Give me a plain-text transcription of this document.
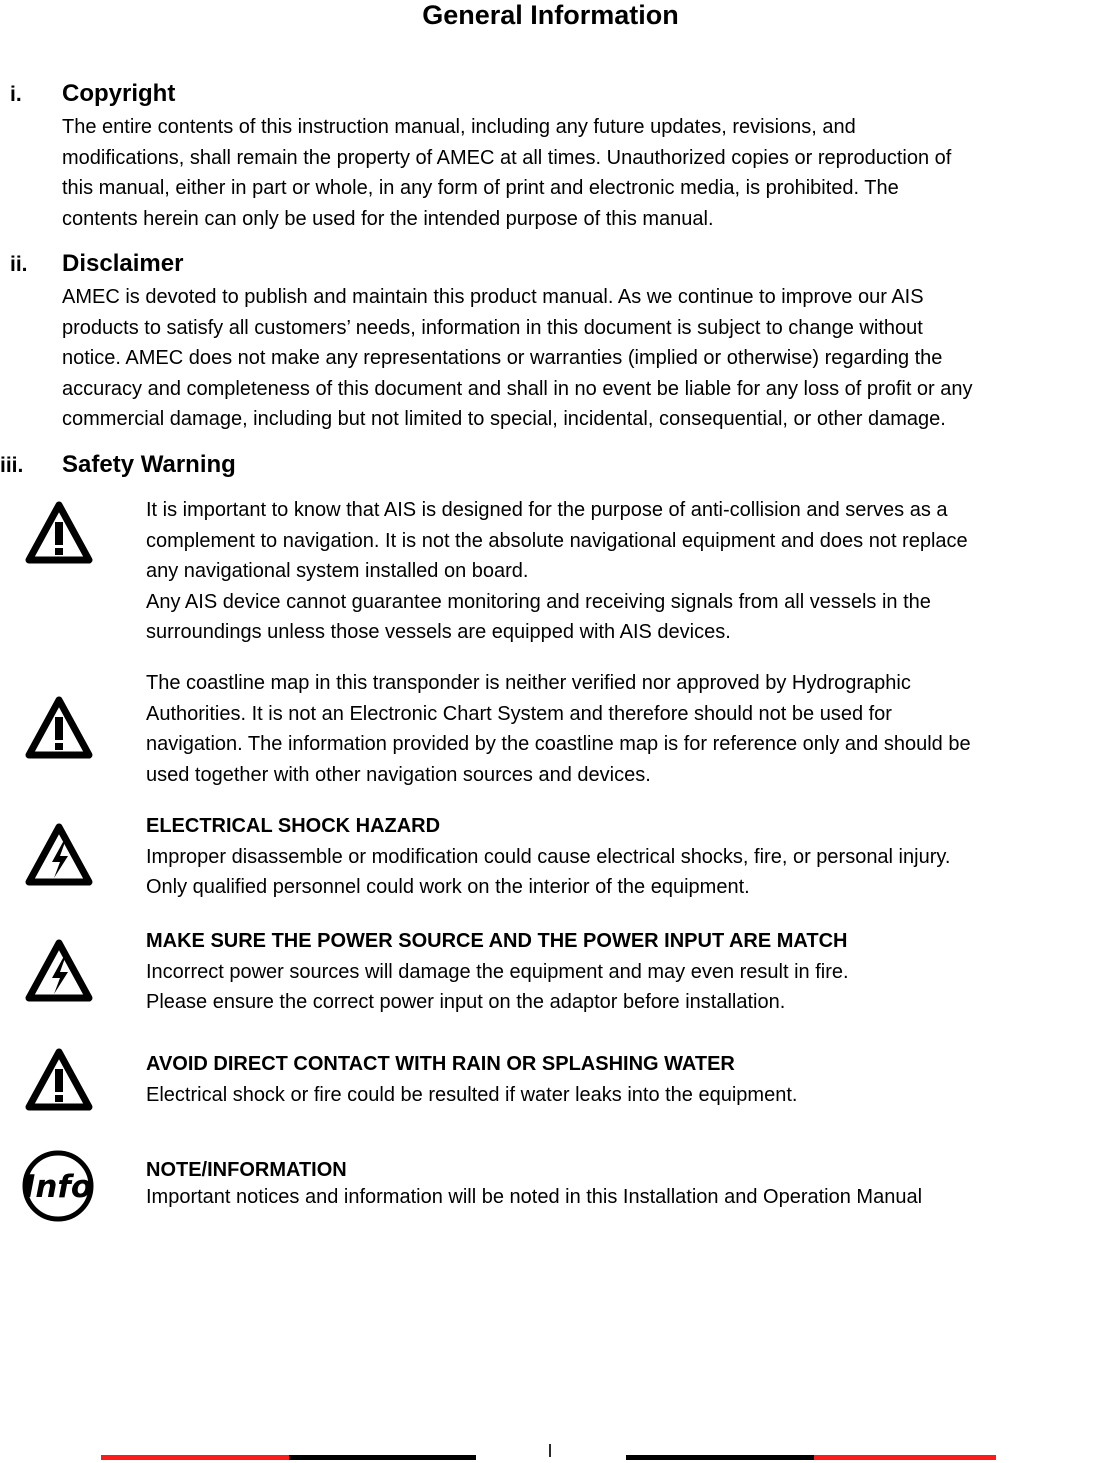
General Information
i. Copyright
The entire contents of this instruction manual, including any future updates, revisions, and
modifications, shall remain the property of AMEC at all times. Unauthorized copies or reproduction of
this manual, either in part or whole, in any form of print and electronic media, is prohibited. The
contents herein can only be used for the intended purpose of this manual.
ii. Disclaimer
AMEC is devoted to publish and maintain this product manual. As we continue to improve our AIS
products to satisfy all customers’ needs, information in this document is subject to change without
notice. AMEC does not make any representations or warranties (implied or otherwise) regarding the
accuracy and completeness of this document and shall in no event be liable for any loss of profit or any
commercial damage, including but not limited to special, incidental, consequential, or other damage.
iii. Safety Warning
It is important to know that AIS is designed for the purpose of anti-collision and serves as a
complement to navigation. It is not the absolute navigational equipment and does not replace
any navigational system installed on board.
Any AIS device cannot guarantee monitoring and receiving signals from all vessels in the
surroundings unless those vessels are equipped with AIS devices.
The coastline map in this transponder is neither verified nor approved by Hydrographic
Authorities. It is not an Electronic Chart System and therefore should not be used for
navigation. The information provided by the coastline map is for reference only and should be
used together with other navigation sources and devices.
ELECTRICAL SHOCK HAZARD
Improper disassemble or modification could cause electrical shocks, fire, or personal injury.
Only qualified personnel could work on the interior of the equipment.
MAKE SURE THE POWER SOURCE AND THE POWER INPUT ARE MATCH
Incorrect power sources will damage the equipment and may even result in fire.
Please ensure the correct power input on the adaptor before installation.
AVOID DIRECT CONTACT WITH RAIN OR SPLASHING WATER
Electrical shock or fire could be resulted if water leaks into the equipment.
Info	NOTE/INFORMATION
Important notices and information will be noted in this Installation and Operation Manual
I
